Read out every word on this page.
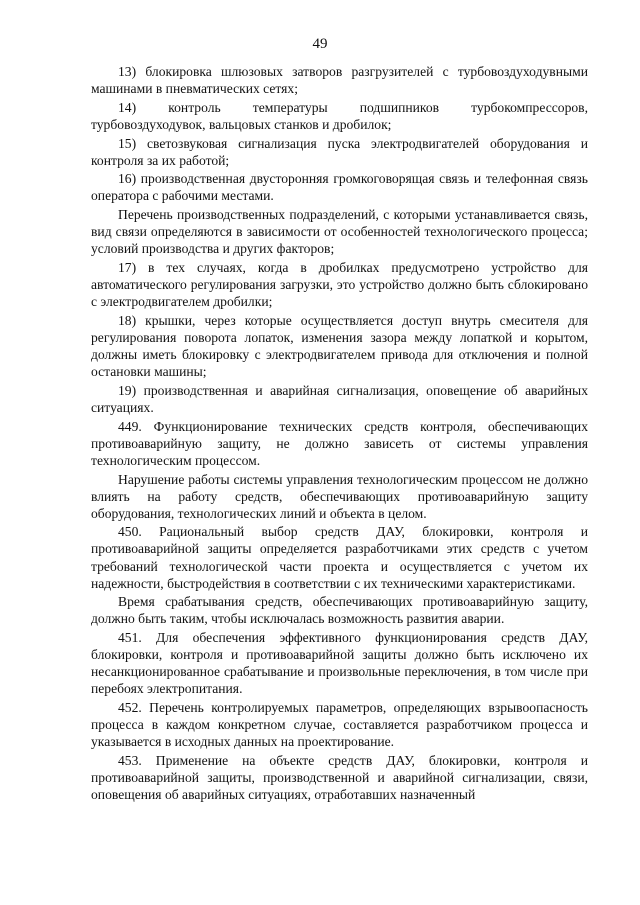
49

13) блокировка шлюзовых затворов разгрузителей с турбовоздуходувными машинами в пневматических сетях;

14) контроль температуры подшипников турбокомпрессоров, турбовоздуходувок, вальцовых станков и дробилок;

15) светозвуковая сигнализация пуска электродвигателей оборудования и контроля за их работой;

16) производственная двусторонняя громкоговорящая связь и телефонная связь оператора с рабочими местами.

Перечень производственных подразделений, с которыми устанавливается связь, вид связи определяются в зависимости от особенностей технологического процесса; условий производства и других факторов;

17) в тех случаях, когда в дробилках предусмотрено устройство для автоматического регулирования загрузки, это устройство должно быть сблокировано с электродвигателем дробилки;

18) крышки, через которые осуществляется доступ внутрь смесителя для регулирования поворота лопаток, изменения зазора между лопаткой и корытом, должны иметь блокировку с электродвигателем привода для отключения и полной остановки машины;

19) производственная и аварийная сигнализация, оповещение об аварийных ситуациях.

449. Функционирование технических средств контроля, обеспечивающих противоаварийную защиту, не должно зависеть от системы управления технологическим процессом.

Нарушение работы системы управления технологическим процессом не должно влиять на работу средств, обеспечивающих противоаварийную защиту оборудования, технологических линий и объекта в целом.

450. Рациональный выбор средств ДАУ, блокировки, контроля и противоаварийной защиты определяется разработчиками этих средств с учетом требований технологической части проекта и осуществляется с учетом их надежности, быстродействия в соответствии с их техническими характеристиками.

Время срабатывания средств, обеспечивающих противоаварийную защиту, должно быть таким, чтобы исключалась возможность развития аварии.

451. Для обеспечения эффективного функционирования средств ДАУ, блокировки, контроля и противоаварийной защиты должно быть исключено их несанкционированное срабатывание и произвольные переключения, в том числе при перебоях электропитания.

452. Перечень контролируемых параметров, определяющих взрывоопасность процесса в каждом конкретном случае, составляется разработчиком процесса и указывается в исходных данных на проектирование.

453. Применение на объекте средств ДАУ, блокировки, контроля и противоаварийной защиты, производственной и аварийной сигнализации, связи, оповещения об аварийных ситуациях, отработавших назначенный
